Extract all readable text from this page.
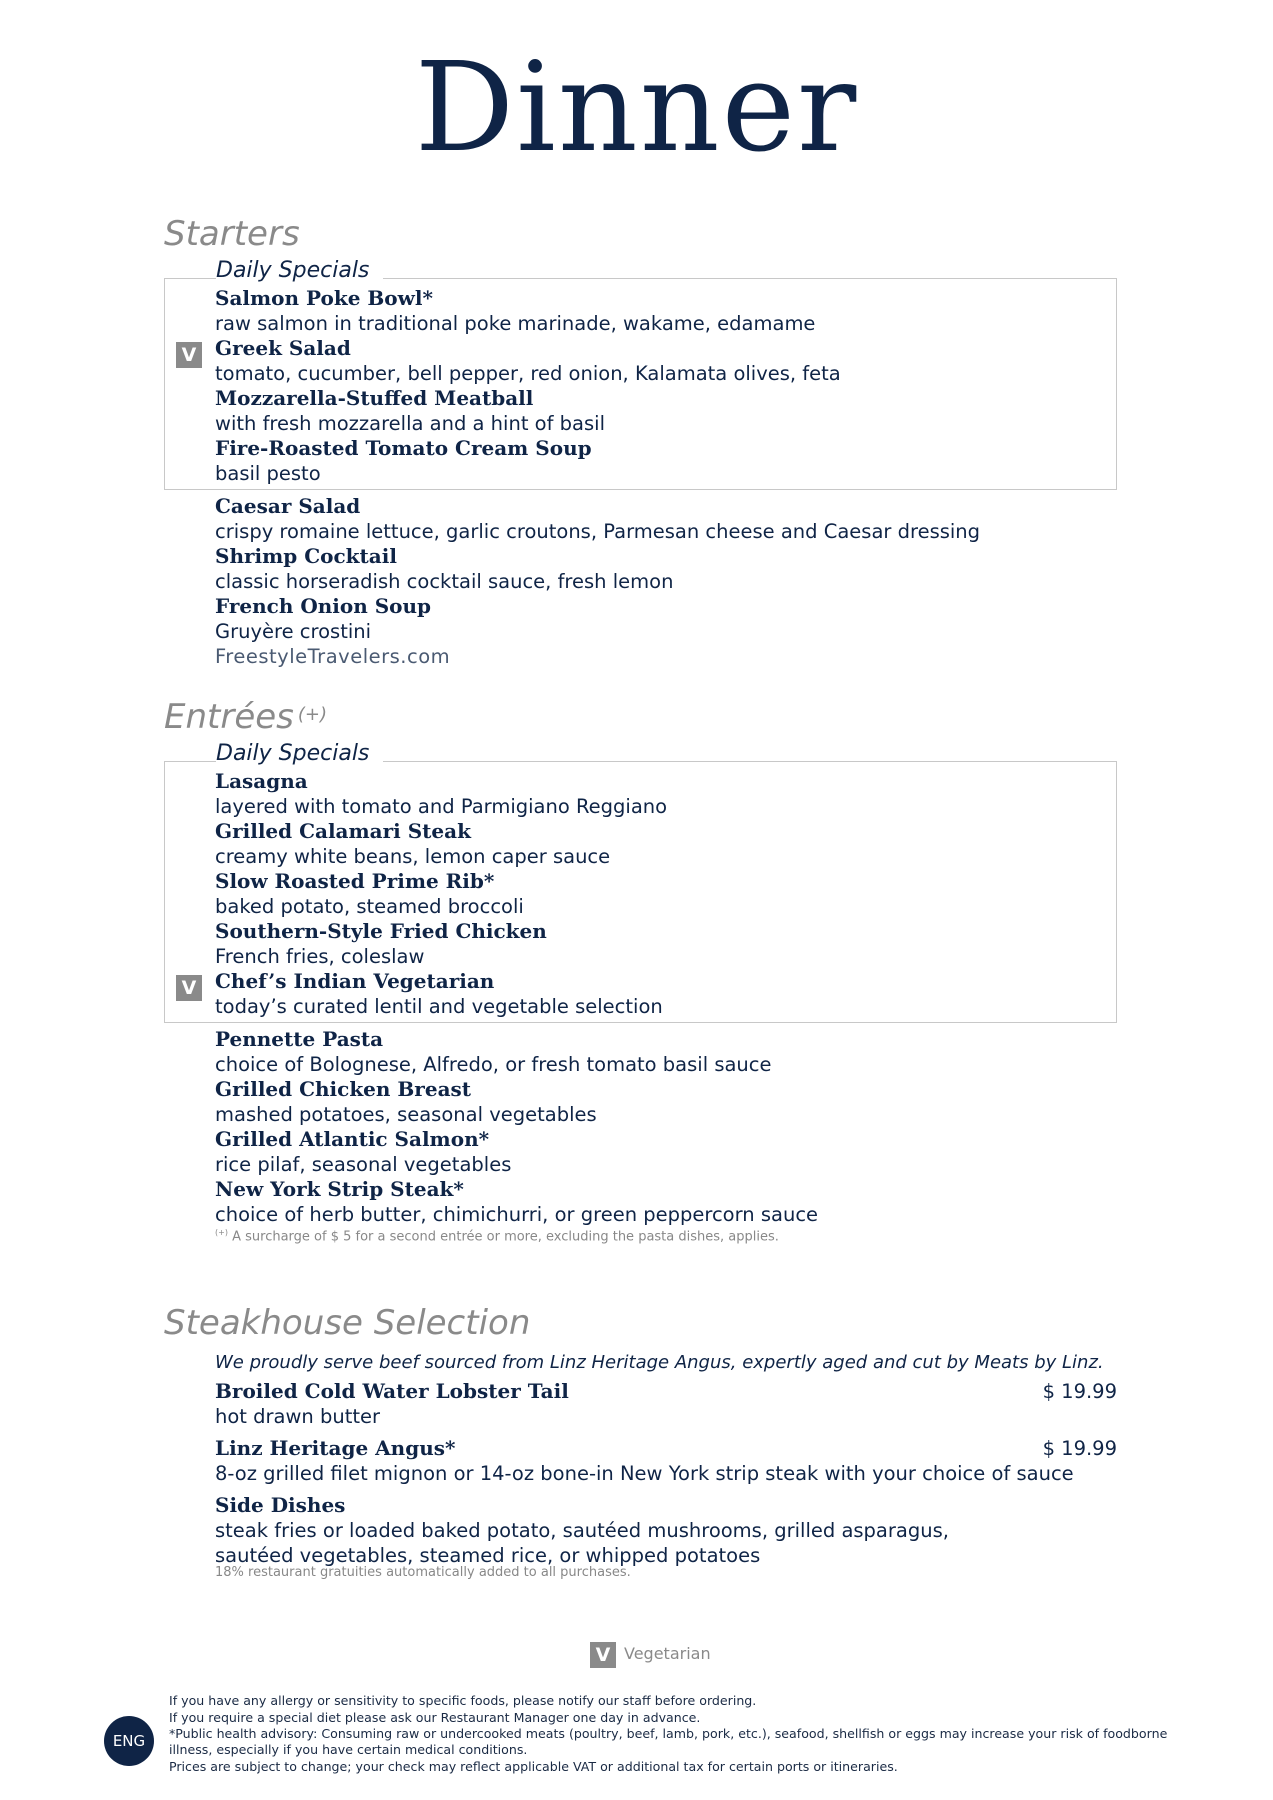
Dinner
Starters
Daily Specials
Salmon Poke Bowl*
raw salmon in traditional poke marinade, wakame, edamame
V Greek Salad
tomato, cucumber, bell pepper, red onion, Kalamata olives, feta
Mozzarella-Stuffed Meatball
with fresh mozzarella and a hint of basil
Fire-Roasted Tomato Cream Soup
basil pesto
Caesar Salad
crispy romaine lettuce, garlic croutons, Parmesan cheese and Caesar dressing
Shrimp Cocktail
classic horseradish cocktail sauce, fresh lemon
French Onion Soup
Gruyère crostini
FreestyleTravelers.com
Entrées (+)
Daily Specials
Lasagna
layered with tomato and Parmigiano Reggiano
Grilled Calamari Steak
creamy white beans, lemon caper sauce
Slow Roasted Prime Rib*
baked potato, steamed broccoli
Southern-Style Fried Chicken
French fries, coleslaw
V Chef’s Indian Vegetarian
today’s curated lentil and vegetable selection
Pennette Pasta
choice of Bolognese, Alfredo, or fresh tomato basil sauce
Grilled Chicken Breast
mashed potatoes, seasonal vegetables
Grilled Atlantic Salmon*
rice pilaf, seasonal vegetables
New York Strip Steak*
choice of herb butter, chimichurri, or green peppercorn sauce
(+) A surcharge of $ 5 for a second entrée or more, excluding the pasta dishes, applies.
Steakhouse Selection
We proudly serve beef sourced from Linz Heritage Angus, expertly aged and cut by Meats by Linz.
Broiled Cold Water Lobster Tail
hot drawn butter
$ 19.99
Linz Heritage Angus*
8-oz grilled filet mignon or 14-oz bone-in New York strip steak with your choice of sauce
$ 19.99
Side Dishes
steak fries or loaded baked potato, sautéed mushrooms, grilled asparagus,
sautéed vegetables, steamed rice, or whipped potatoes
18% restaurant gratuities automatically added to all purchases.
V Vegetarian
ENG
If you have any allergy or sensitivity to specific foods, please notify our staff before ordering.
If you require a special diet please ask our Restaurant Manager one day in advance.
*Public health advisory: Consuming raw or undercooked meats (poultry, beef, lamb, pork, etc.), seafood, shellfish or eggs may increase your risk of foodborne
illness, especially if you have certain medical conditions.
Prices are subject to change; your check may reflect applicable VAT or additional tax for certain ports or itineraries.
